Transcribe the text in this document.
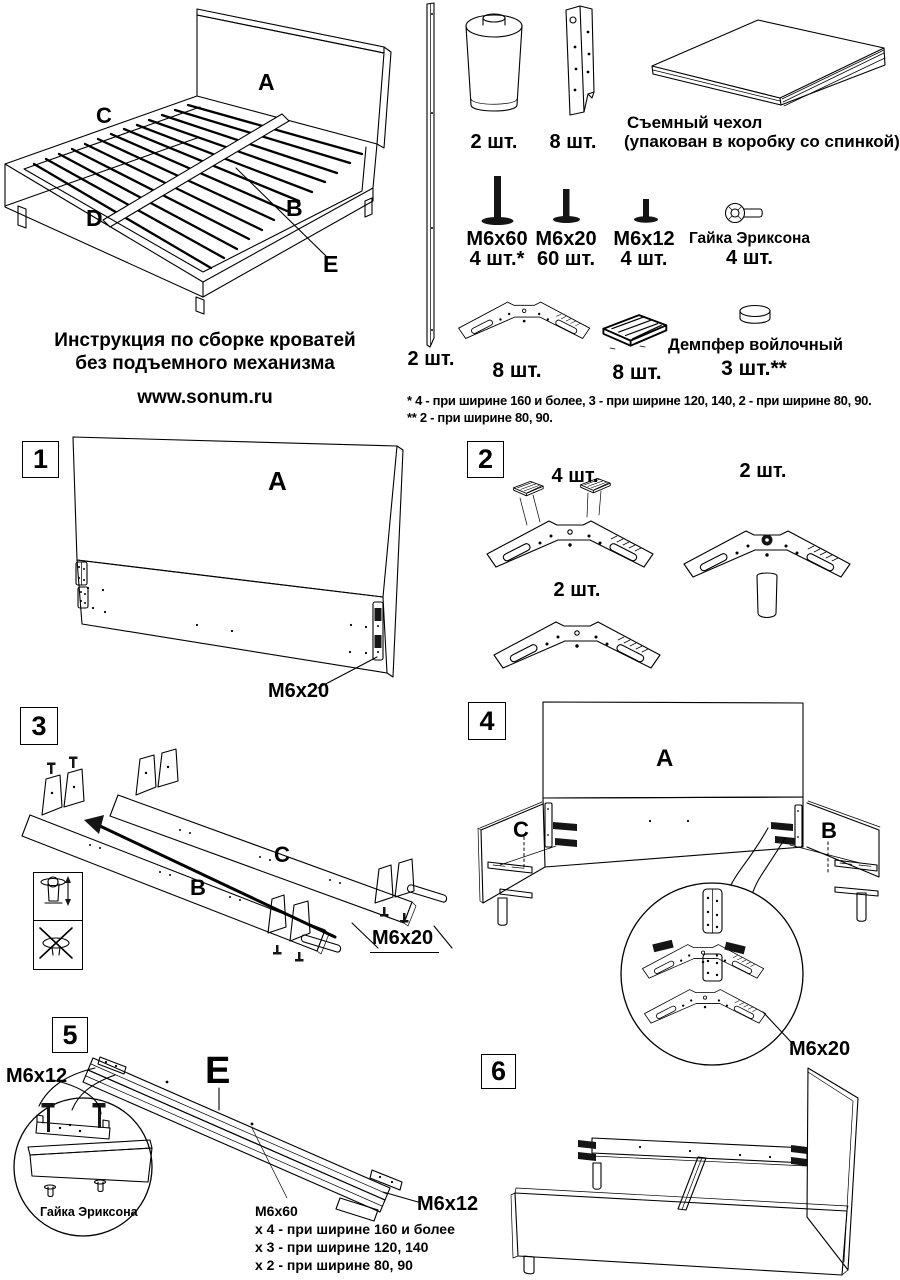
A
C
D	B
E
Инструкция по сборке кроватей
без подъемного механизма
www.sonum.ru
2 шт.
2 шт.	8 шт.
Съемный чехол
(упакован в коробку со спинкой)
M6x60
4 шт.*
M6x20
60 шт.
M6x12
4 шт.
Гайка Эриксона
4 шт.
8 шт.	8 шт.
Демпфер войлочный
3 шт.**
* 4 - при ширине 160 и более, 3 - при ширине 120, 140, 2 - при ширине 80, 90.
** 2 - при ширине 80, 90.
1
A
M6x20
2
4 шт.	2 шт.
2 шт.
3
B
C
M6x20
4
A
C	B
M6x20
5
E
M6x12
Гайка Эриксона	M6x60
x 4 - при ширине 160 и более
x 3 - при ширине 120, 140
x 2 - при ширине 80, 90
M6x12
6
